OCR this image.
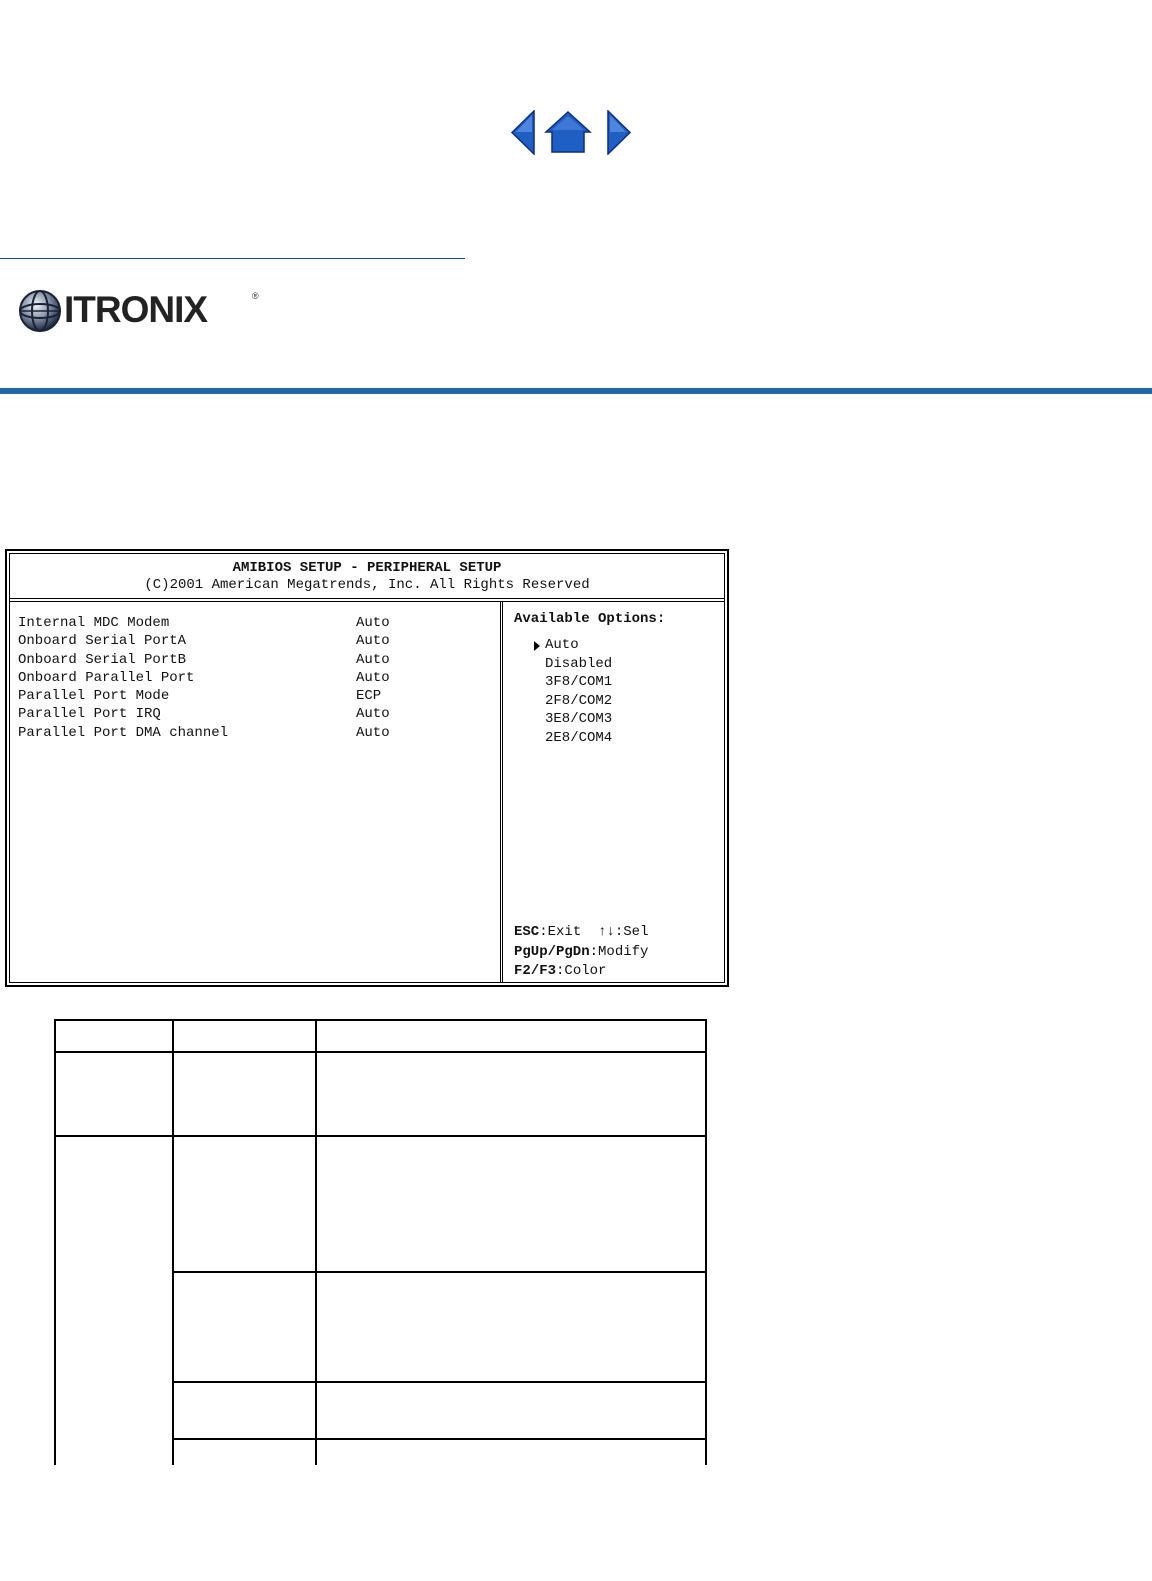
ITRONIX	®
AMIBIOS SETUP - PERIPHERAL SETUP
(C)2001 American Megatrends, Inc. All Rights Reserved
Internal MDC Modem	Auto
Onboard Serial PortA	Auto
Onboard Serial PortB	Auto
Onboard Parallel Port	Auto
Parallel Port Mode	ECP
Parallel Port IRQ	Auto
Parallel Port DMA channel	Auto
Available Options:
Auto
Disabled
3F8/COM1
2F8/COM2
3E8/COM3
2E8/COM4
ESC:Exit ↑↓:Sel
PgUp/PgDn:Modify
F2/F3:Color
